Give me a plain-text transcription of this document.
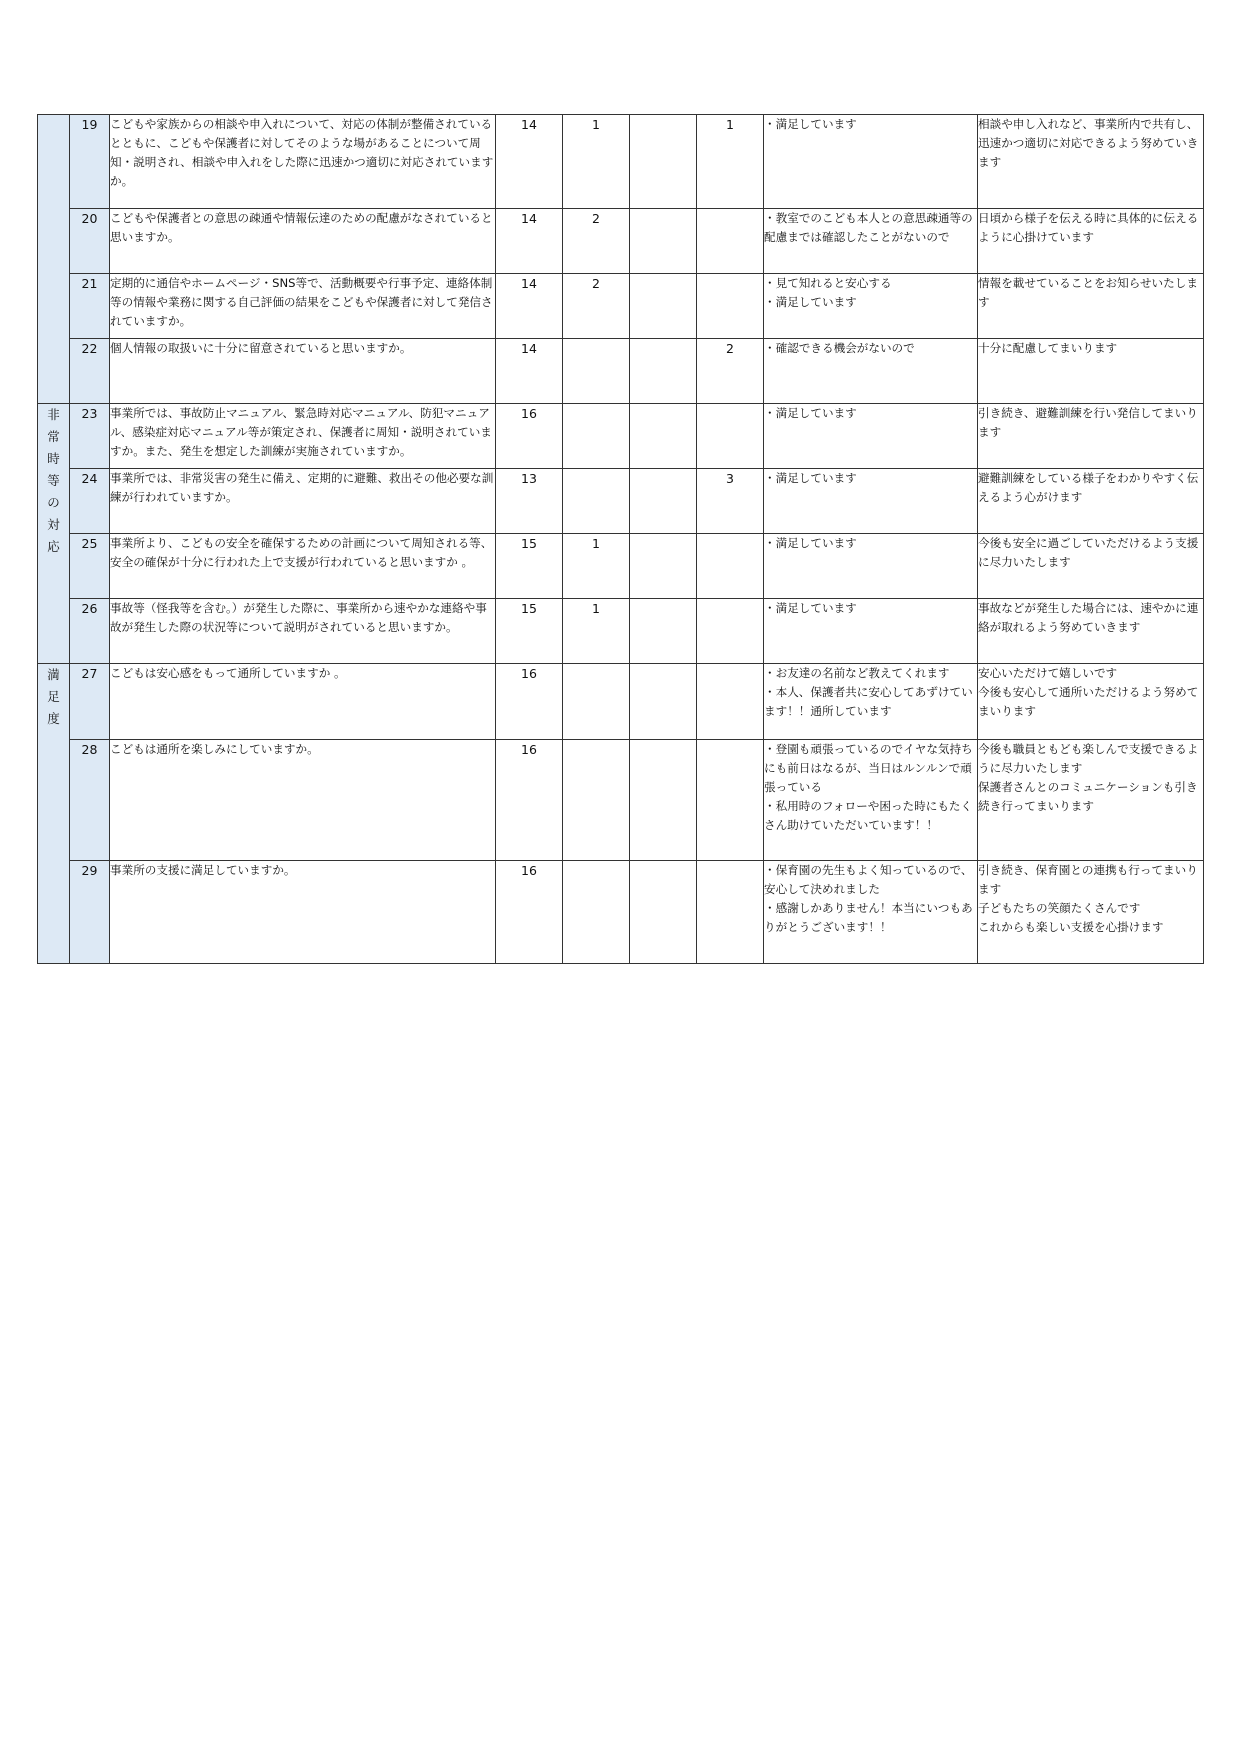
	19	こどもや家族からの相談や申入れについて、対応の体制が整備されているとともに、こどもや保護者に対してそのような場があることについて周知・説明され、相談や申入れをした際に迅速かつ適切に対応されていますか。	14	1		1	・満足しています	相談や申し入れなど、事業所内で共有し、迅速かつ適切に対応できるよう努めていきます

	20	こどもや保護者との意思の疎通や情報伝達のための配慮がなされていると思いますか。	14	2			・教室でのこども本人との意思疎通等の配慮までは確認したことがないので	日頃から様子を伝える時に具体的に伝えるように心掛けています

	21	定期的に通信やホームページ・SNS等で、活動概要や行事予定、連絡体制等の情報や業務に関する自己評価の結果をこどもや保護者に対して発信されていますか。	14	2			・見て知れると安心する
・満足しています	情報を載せていることをお知らせいたします

	22	個人情報の取扱いに十分に留意されていると思いますか。	14			2	・確認できる機会がないので	十分に配慮してまいります

非常時等の対応	23	事業所では、事故防止マニュアル、緊急時対応マニュアル、防犯マニュアル、感染症対応マニュアル等が策定され、保護者に周知・説明されていますか。また、発生を想定した訓練が実施されていますか。	16				・満足しています	引き続き、避難訓練を行い発信してまいります

	24	事業所では、非常災害の発生に備え、定期的に避難、救出その他必要な訓練が行われていますか。	13			3	・満足しています	避難訓練をしている様子をわかりやすく伝えるよう心がけます

	25	事業所より、こどもの安全を確保するための計画について周知される等、安全の確保が十分に行われた上で支援が行われていると思いますか 。	15	1			・満足しています	今後も安全に過ごしていただけるよう支援に尽力いたします

	26	事故等（怪我等を含む。）が発生した際に、事業所から速やかな連絡や事故が発生した際の状況等について説明がされていると思いますか。	15	1			・満足しています	事故などが発生した場合には、速やかに連絡が取れるよう努めていきます

満足度	27	こどもは安心感をもって通所していますか 。	16				・お友達の名前など教えてくれます
・本人、保護者共に安心してあずけています！！通所しています	安心いただけて嬉しいです
今後も安心して通所いただけるよう努めてまいります

	28	こどもは通所を楽しみにしていますか。	16				・登園も頑張っているのでイヤな気持ちにも前日はなるが、当日はルンルンで頑張っている
・私用時のフォローや困った時にもたくさん助けていただいています！！	今後も職員ともども楽しんで支援できるように尽力いたします
保護者さんとのコミュニケーションも引き続き行ってまいります

	29	事業所の支援に満足していますか。	16				・保育園の先生もよく知っているので、安心して決めれました
・感謝しかありません！本当にいつもありがとうございます！！	引き続き、保育園との連携も行ってまいります
子どもたちの笑顔たくさんです
これからも楽しい支援を心掛けます
